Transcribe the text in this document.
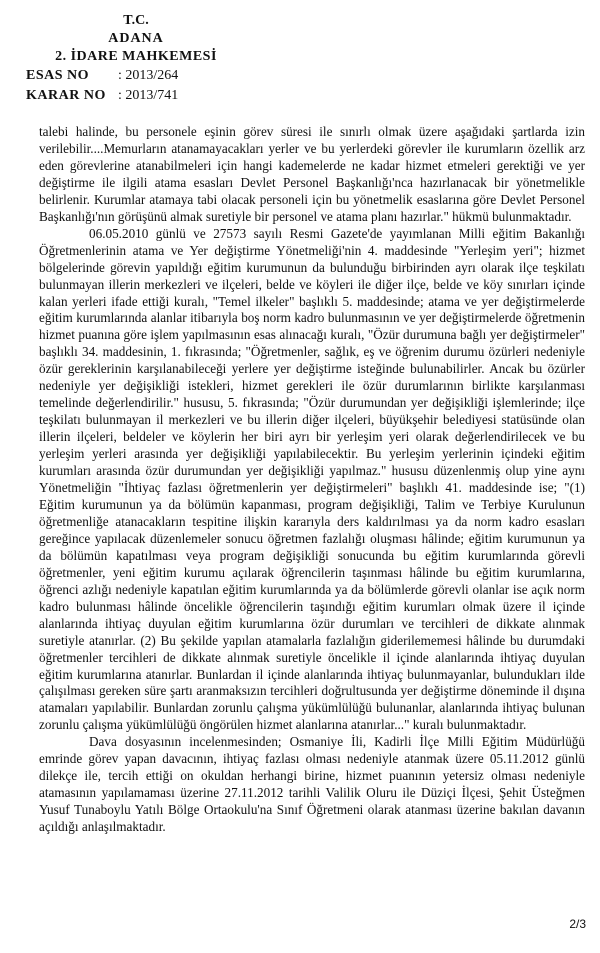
T.C.
ADANA
2. İDARE MAHKEMESİ
ESAS NO	: 2013/264
KARAR NO : 2013/741

talebi halinde, bu personele eşinin görev süresi ile sınırlı olmak üzere aşağıdaki şartlarda izin verilebilir....Memurların atanamayacakları yerler ve bu yerlerdeki görevler ile kurumların özellik arz eden görevlerine atanabilmeleri için hangi kademelerde ne kadar hizmet etmeleri gerektiği ve yer değiştirme ile ilgili atama esasları Devlet Personel Başkanlığı'nca hazırlanacak bir yönetmelikle belirlenir. Kurumlar atamaya tabi olacak personeli için bu yönetmelik esaslarına göre Devlet Personel Başkanlığı'nın görüşünü almak suretiyle bir personel ve atama planı hazırlar." hükmü bulunmaktadır.

06.05.2010 günlü ve 27573 sayılı Resmi Gazete'de yayımlanan Milli eğitim Bakanlığı Öğretmenlerinin atama ve Yer değiştirme Yönetmeliği'nin 4. maddesinde "Yerleşim yeri"; hizmet bölgelerinde görevin yapıldığı eğitim kurumunun da bulunduğu birbirinden ayrı olarak ilçe teşkilatı bulunmayan illerin merkezleri ve ilçeleri, belde ve köyleri ile diğer ilçe, belde ve köy sınırları içinde kalan yerleri ifade ettiği kuralı, "Temel ilkeler" başlıklı 5. maddesinde; atama ve yer değiştirmelerde eğitim kurumlarında alanlar itibarıyla boş norm kadro bulunmasının ve yer değiştirmelerde öğretmenin hizmet puanına göre işlem yapılmasının esas alınacağı kuralı, "Özür durumuna bağlı yer değiştirmeler" başlıklı 34. maddesinin, 1. fıkrasında; "Öğretmenler, sağlık, eş ve öğrenim durumu özürleri nedeniyle özür gereklerinin karşılanabileceği yerlere yer değiştirme isteğinde bulunabilirler. Ancak bu özürler nedeniyle yer değişikliği istekleri, hizmet gerekleri ile özür durumlarının birlikte karşılanması temelinde değerlendirilir." hususu, 5. fıkrasında; "Özür durumundan yer değişikliği işlemlerinde; ilçe teşkilatı bulunmayan il merkezleri ve bu illerin diğer ilçeleri, büyükşehir belediyesi statüsünde olan illerin ilçeleri, beldeler ve köylerin her biri ayrı bir yerleşim yeri olarak değerlendirilecek ve bu yerleşim yerleri arasında yer değişikliği yapılabilecektir. Bu yerleşim yerlerinin içindeki eğitim kurumları arasında özür durumundan yer değişikliği yapılmaz." hususu düzenlenmiş olup yine aynı Yönetmeliğin "İhtiyaç fazlası öğretmenlerin yer değiştirmeleri" başlıklı 41. maddesinde ise; "(1) Eğitim kurumunun ya da bölümün kapanması, program değişikliği, Talim ve Terbiye Kurulunun öğretmenliğe atanacakların tespitine ilişkin kararıyla ders kaldırılması ya da norm kadro esasları gereğince yapılacak düzenlemeler sonucu öğretmen fazlalığı oluşması hâlinde; eğitim kurumunun ya da bölümün kapatılması veya program değişikliği sonucunda bu eğitim kurumlarında görevli öğretmenler, yeni eğitim kurumu açılarak öğrencilerin taşınması hâlinde bu eğitim kurumlarına, öğrenci azlığı nedeniyle kapatılan eğitim kurumlarında ya da bölümlerde görevli olanlar ise açık norm kadro bulunması hâlinde öncelikle öğrencilerin taşındığı eğitim kurumları olmak üzere il içinde alanlarında ihtiyaç duyulan eğitim kurumlarına özür durumları ve tercihleri de dikkate alınmak suretiyle atanırlar. (2) Bu şekilde yapılan atamalarla fazlalığın giderilememesi hâlinde bu durumdaki öğretmenler tercihleri de dikkate alınmak suretiyle öncelikle il içinde alanlarında ihtiyaç duyulan eğitim kurumlarına atanırlar. Bunlardan il içinde alanlarında ihtiyaç bulunmayanlar, bulundukları ilde çalışılması gereken süre şartı aranmaksızın tercihleri doğrultusunda yer değiştirme döneminde il dışına atamaları yapılabilir. Bunlardan zorunlu çalışma yükümlülüğü bulunanlar, alanlarında ihtiyaç bulunan zorunlu çalışma yükümlülüğü öngörülen hizmet alanlarına atanırlar..." kuralı bulunmaktadır.

Dava dosyasının incelenmesinden; Osmaniye İli, Kadirli İlçe Milli Eğitim Müdürlüğü emrinde görev yapan davacının, ihtiyaç fazlası olması nedeniyle atanmak üzere 05.11.2012 günlü dilekçe ile, tercih ettiği on okuldan herhangi birine, hizmet puanının yetersiz olması nedeniyle atamasının yapılamaması üzerine 27.11.2012 tarihli Valilik Oluru ile Düziçi İlçesi, Şehit Üsteğmen Yusuf Tunaboylu Yatılı Bölge Ortaokulu'na Sınıf Öğretmeni olarak atanması üzerine bakılan davanın açıldığı anlaşılmaktadır.

2/3
